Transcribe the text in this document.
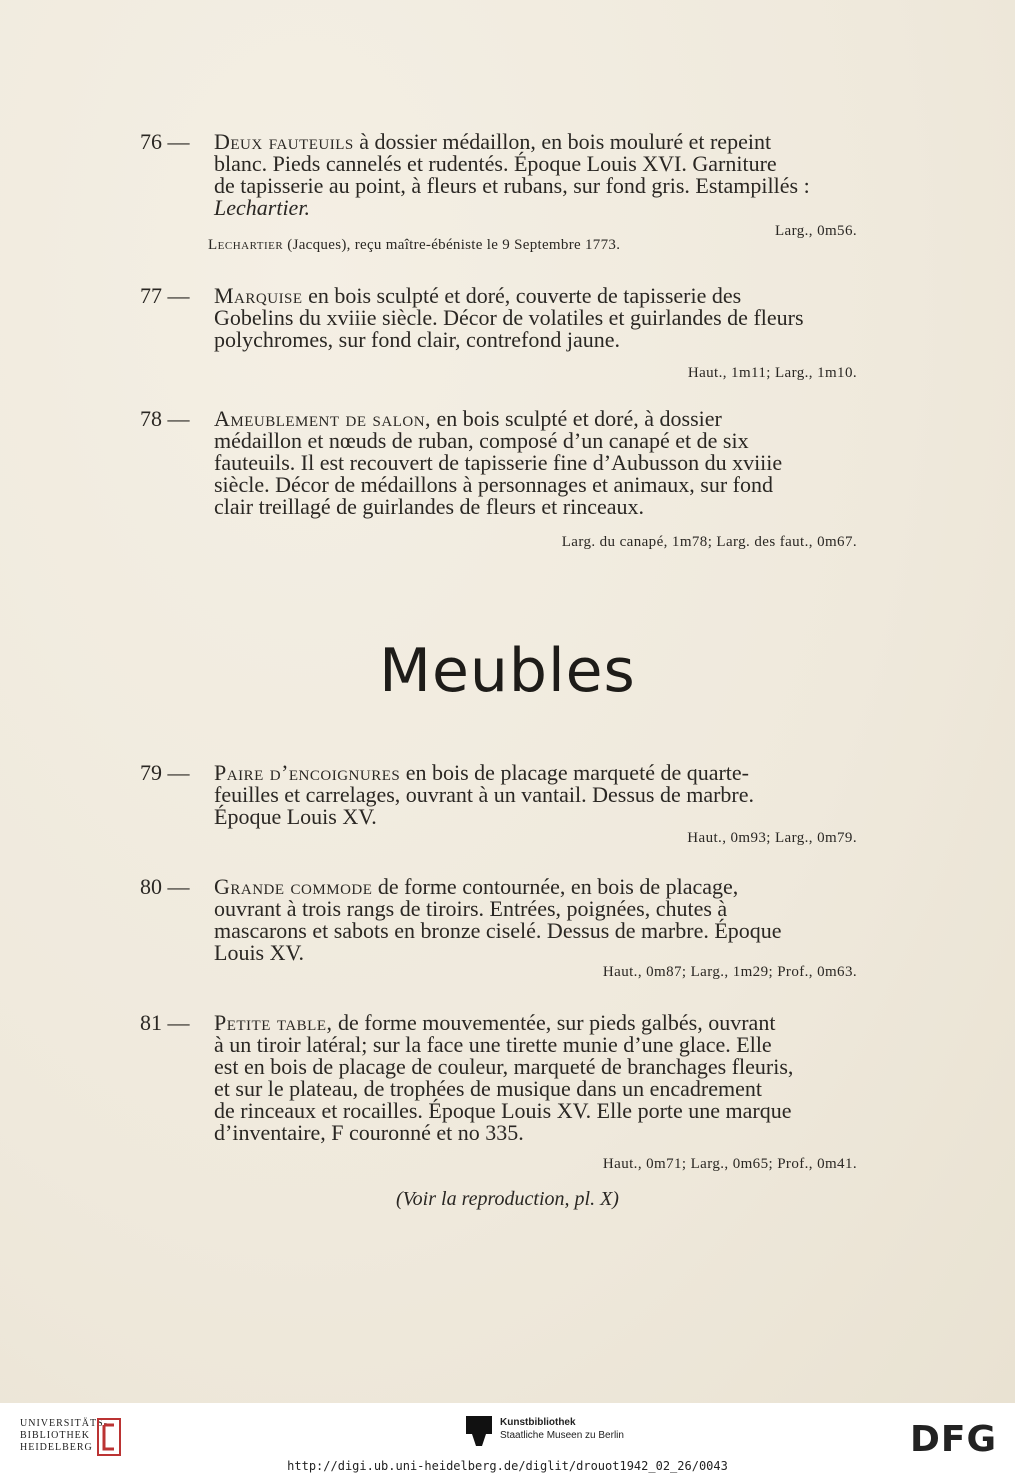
76 —	Deux fauteuils à dossier médaillon, en bois mouluré et repeint
blanc. Pieds cannelés et rudentés. Époque Louis XVI. Garniture
de tapisserie au point, à fleurs et rubans, sur fond gris. Estampillés :
Lechartier.
Larg., 0m56.
Lechartier (Jacques), reçu maître-ébéniste le 9 Septembre 1773.
77 —	Marquise en bois sculpté et doré, couverte de tapisserie des
Gobelins du xviiie siècle. Décor de volatiles et guirlandes de fleurs
polychromes, sur fond clair, contrefond jaune.
Haut., 1m11; Larg., 1m10.
78 —	Ameublement de salon, en bois sculpté et doré, à dossier
médaillon et nœuds de ruban, composé d’un canapé et de six
fauteuils. Il est recouvert de tapisserie fine d’Aubusson du xviiie
siècle. Décor de médaillons à personnages et animaux, sur fond
clair treillagé de guirlandes de fleurs et rinceaux.
Larg. du canapé, 1m78; Larg. des faut., 0m67.
Meubles
79 —	Paire d’encoignures en bois de placage marqueté de quarte-
feuilles et carrelages, ouvrant à un vantail. Dessus de marbre.
Époque Louis XV.
Haut., 0m93; Larg., 0m79.
80 —	Grande commode de forme contournée, en bois de placage,
ouvrant à trois rangs de tiroirs. Entrées, poignées, chutes à
mascarons et sabots en bronze ciselé. Dessus de marbre. Époque
Louis XV.
Haut., 0m87; Larg., 1m29; Prof., 0m63.
81 —	Petite table, de forme mouvementée, sur pieds galbés, ouvrant
à un tiroir latéral; sur la face une tirette munie d’une glace. Elle
est en bois de placage de couleur, marqueté de branchages fleuris,
et sur le plateau, de trophées de musique dans un encadrement
de rinceaux et rocailles. Époque Louis XV. Elle porte une marque
d’inventaire, F couronné et no 335.
Haut., 0m71; Larg., 0m65; Prof., 0m41.
(Voir la reproduction, pl. X)
UNIVERSITÄTS-
BIBLIOTHEK
HEIDELBERG
Kunstbibliothek
Staatliche Museen zu Berlin	DFG
http://digi.ub.uni-heidelberg.de/diglit/drouot1942_02_26/0043
